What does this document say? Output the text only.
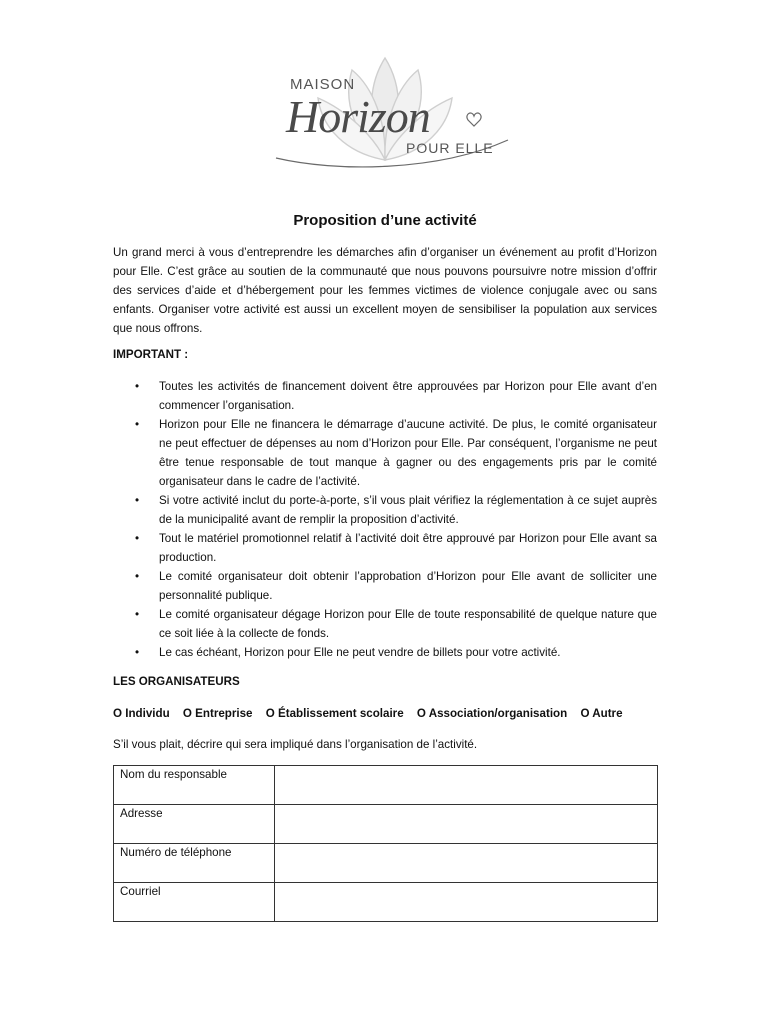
MAISON
Horizon
POUR ELLE
Proposition d’une activité

Un grand merci à vous d’entreprendre les démarches afin d’organiser un événement au profit d’Horizon pour Elle. C’est grâce au soutien de la communauté que nous pouvons poursuivre notre mission d’offrir des services d’aide et d’hébergement pour les femmes victimes de violence conjugale avec ou sans enfants. Organiser votre activité est aussi un excellent moyen de sensibiliser la population aux services que nous offrons.

IMPORTANT :

• Toutes les activités de financement doivent être approuvées par Horizon pour Elle avant d’en commencer l’organisation.
• Horizon pour Elle ne financera le démarrage d’aucune activité. De plus, le comité organisateur ne peut effectuer de dépenses au nom d’Horizon pour Elle. Par conséquent, l’organisme ne peut être tenue responsable de tout manque à gagner ou des engagements pris par le comité organisateur dans le cadre de l’activité.
• Si votre activité inclut du porte-à-porte, s’il vous plait vérifiez la réglementation à ce sujet auprès de la municipalité avant de remplir la proposition d’activité.
• Tout le matériel promotionnel relatif à l’activité doit être approuvé par Horizon pour Elle avant sa production.
• Le comité organisateur doit obtenir l’approbation d’Horizon pour Elle avant de solliciter une personnalité publique.
• Le comité organisateur dégage Horizon pour Elle de toute responsabilité de quelque nature que ce soit liée à la collecte de fonds.
• Le cas échéant, Horizon pour Elle ne peut vendre de billets pour votre activité.

LES ORGANISATEURS

O Individu O Entreprise O Établissement scolaire O Association/organisation O Autre

S’il vous plait, décrire qui sera impliqué dans l’organisation de l’activité.

Nom du responsable	
Adresse	
Numéro de téléphone	
Courriel	
